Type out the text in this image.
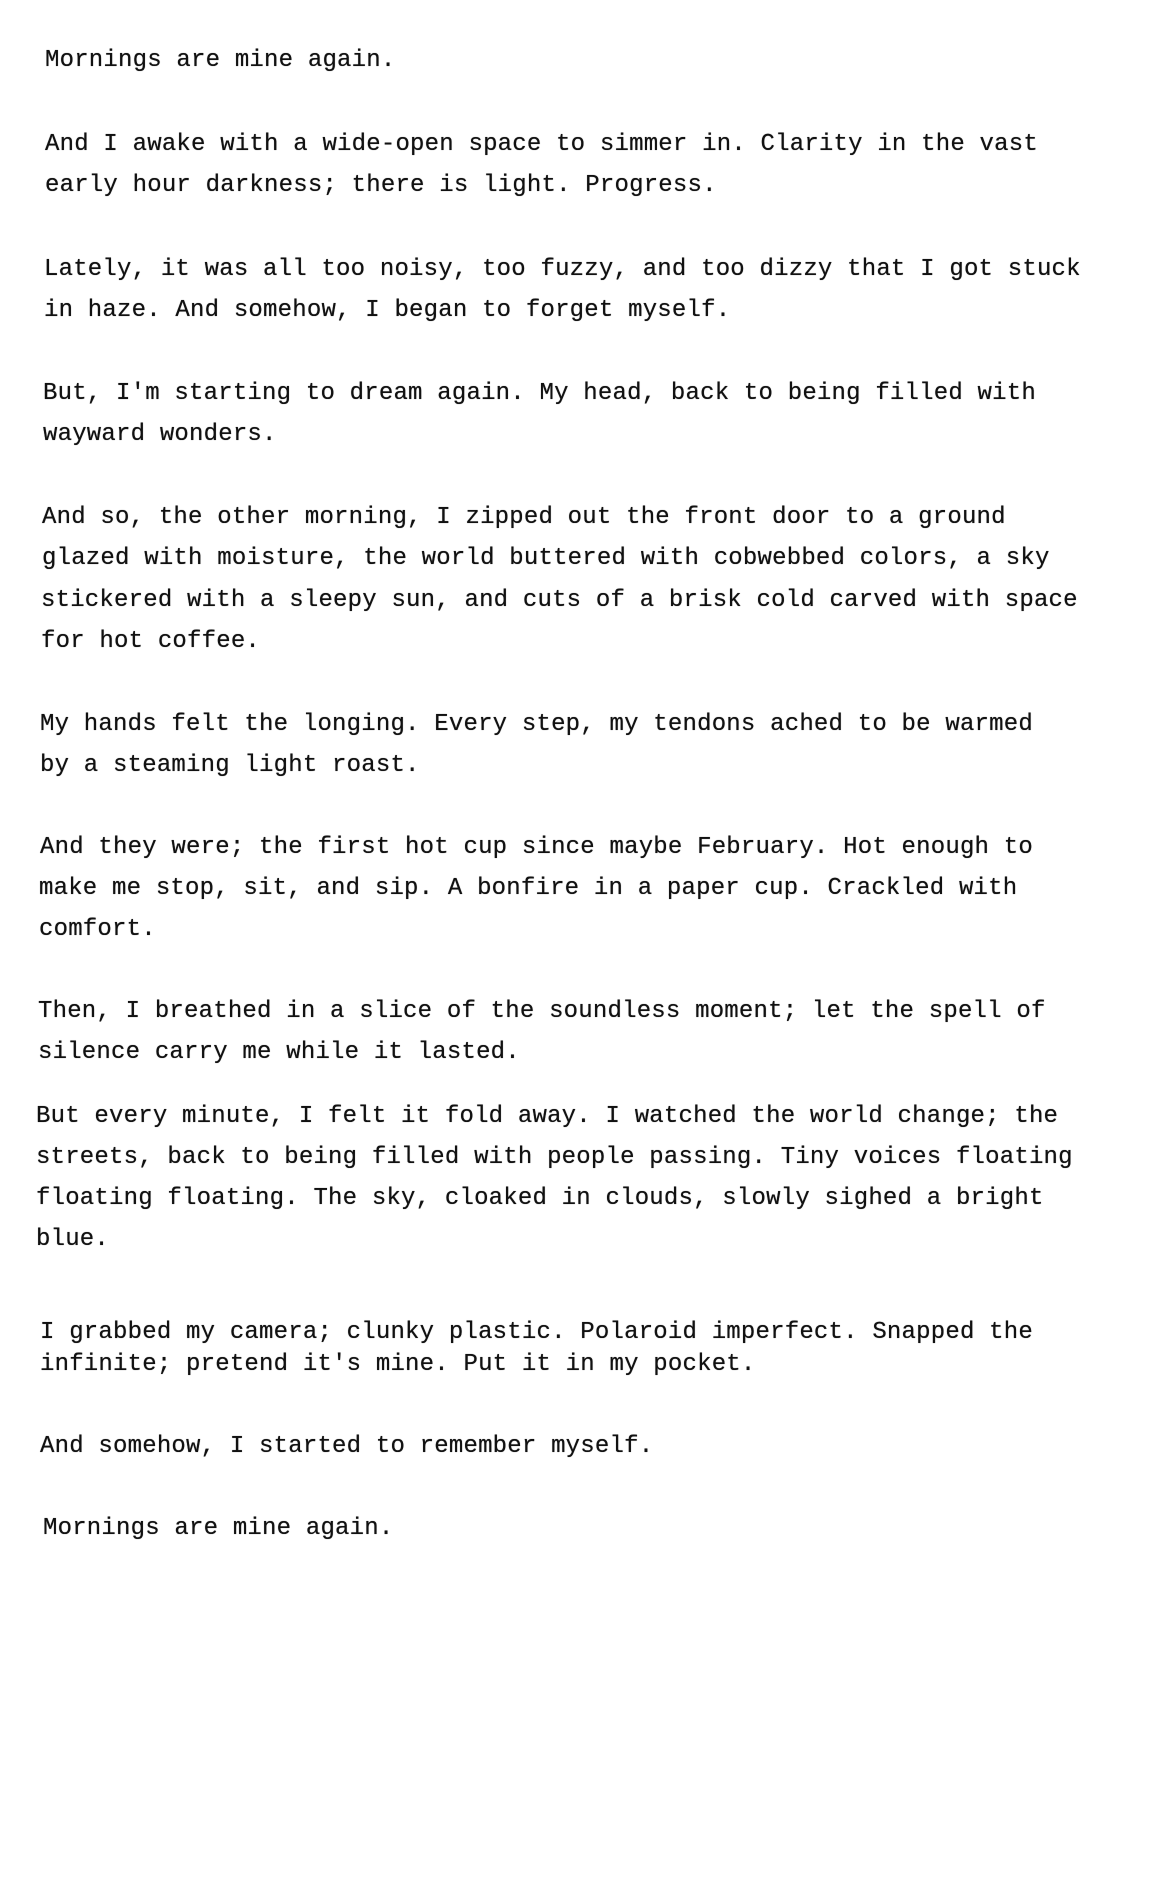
Mornings are mine again.
And I awake with a wide-open space to simmer in. Clarity in the vast
early hour darkness; there is light. Progress.
Lately, it was all too noisy, too fuzzy, and too dizzy that I got stuck
in haze. And somehow, I began to forget myself.
But, I'm starting to dream again. My head, back to being filled with
wayward wonders.
And so, the other morning, I zipped out the front door to a ground
glazed with moisture, the world buttered with cobwebbed colors, a sky
stickered with a sleepy sun, and cuts of a brisk cold carved with space
for hot coffee.
My hands felt the longing. Every step, my tendons ached to be warmed
by a steaming light roast.
And they were; the first hot cup since maybe February. Hot enough to
make me stop, sit, and sip. A bonfire in a paper cup. Crackled with
comfort.
Then, I breathed in a slice of the soundless moment; let the spell of
silence carry me while it lasted.
But every minute, I felt it fold away. I watched the world change; the
streets, back to being filled with people passing. Tiny voices floating
floating floating. The sky, cloaked in clouds, slowly sighed a bright
blue.
I grabbed my camera; clunky plastic. Polaroid imperfect. Snapped the
infinite; pretend it's mine. Put it in my pocket.
And somehow, I started to remember myself.
Mornings are mine again.
